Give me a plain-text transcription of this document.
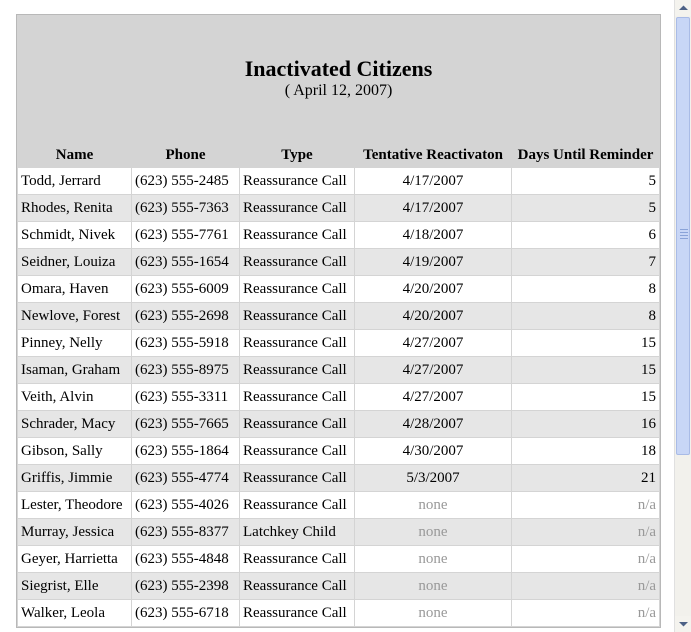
Inactivated Citizens
( April 12, 2007)				

Name	Phone	Type	Tentative Reactivaton	Days Until Reminder
Todd, Jerrard	(623) 555-2485	Reassurance Call	4/17/2007	5
Rhodes, Renita	(623) 555-7363	Reassurance Call	4/17/2007	5
Schmidt, Nivek	(623) 555-7761	Reassurance Call	4/18/2007	6
Seidner, Louiza	(623) 555-1654	Reassurance Call	4/19/2007	7
Omara, Haven	(623) 555-6009	Reassurance Call	4/20/2007	8
Newlove, Forest	(623) 555-2698	Reassurance Call	4/20/2007	8
Pinney, Nelly	(623) 555-5918	Reassurance Call	4/27/2007	15
Isaman, Graham	(623) 555-8975	Reassurance Call	4/27/2007	15
Veith, Alvin	(623) 555-3311	Reassurance Call	4/27/2007	15
Schrader, Macy	(623) 555-7665	Reassurance Call	4/28/2007	16
Gibson, Sally	(623) 555-1864	Reassurance Call	4/30/2007	18
Griffis, Jimmie	(623) 555-4774	Reassurance Call	5/3/2007	21
Lester, Theodore	(623) 555-4026	Reassurance Call	none	n/a
Murray, Jessica	(623) 555-8377	Latchkey Child	none	n/a
Geyer, Harrietta	(623) 555-4848	Reassurance Call	none	n/a
Siegrist, Elle	(623) 555-2398	Reassurance Call	none	n/a
Walker, Leola	(623) 555-6718	Reassurance Call	none	n/a
